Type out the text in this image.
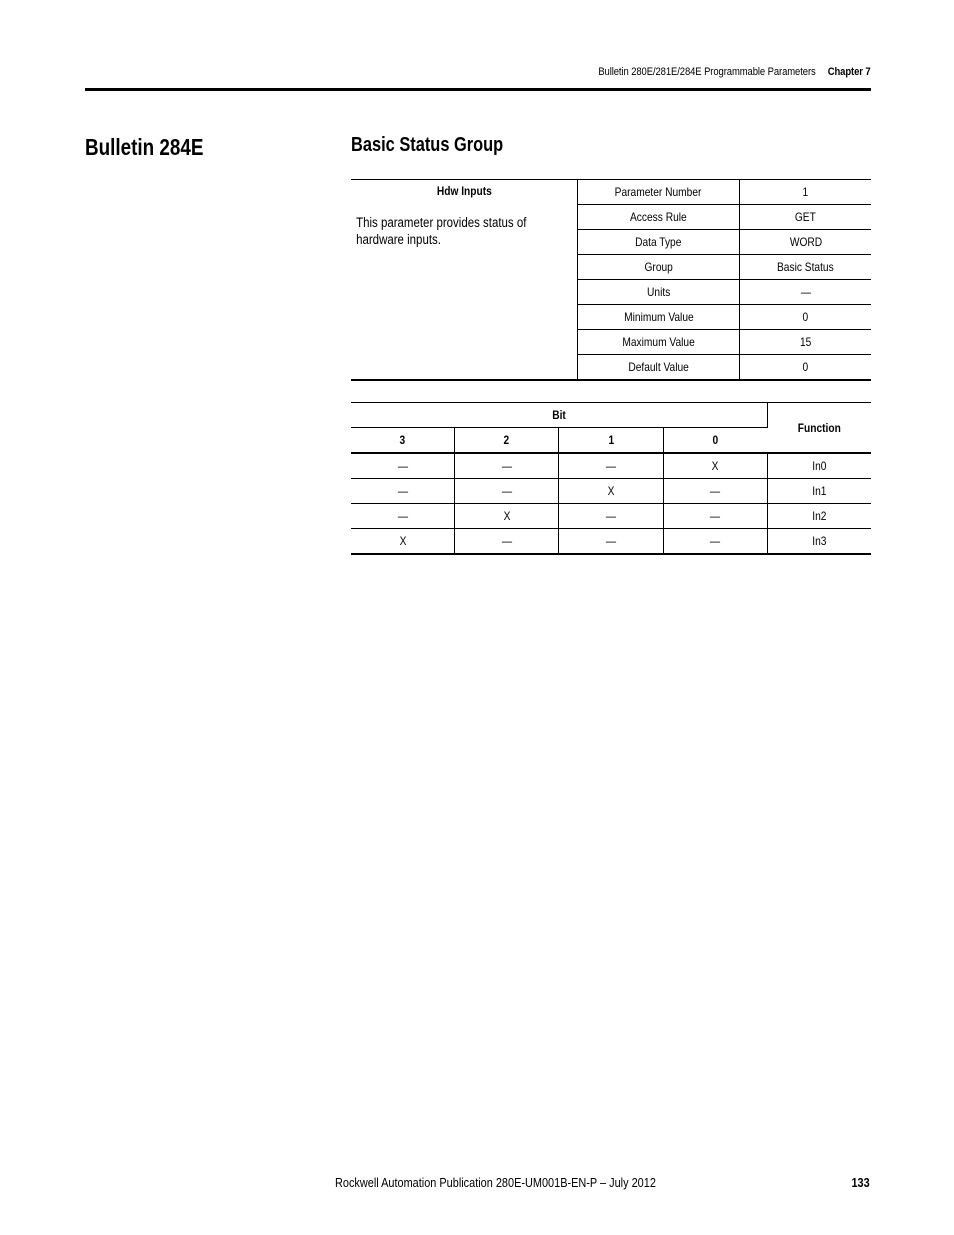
Bulletin 280E/281E/284E Programmable Parameters Chapter 7
Bulletin 284E	Basic Status Group
Hdw Inputs
This parameter provides status of hardware inputs.	Parameter Number	1
	Access Rule	GET
	Data Type	WORD
	Group	Basic Status
	Units	—
	Minimum Value	0
	Maximum Value	15
	Default Value	0
Bit				Function
3	2	1	0	
—	—	—	X	In0
—	—	X	—	In1
—	X	—	—	In2
X	—	—	—	In3
Rockwell Automation Publication 280E-UM001B-EN-P – July 2012	133
